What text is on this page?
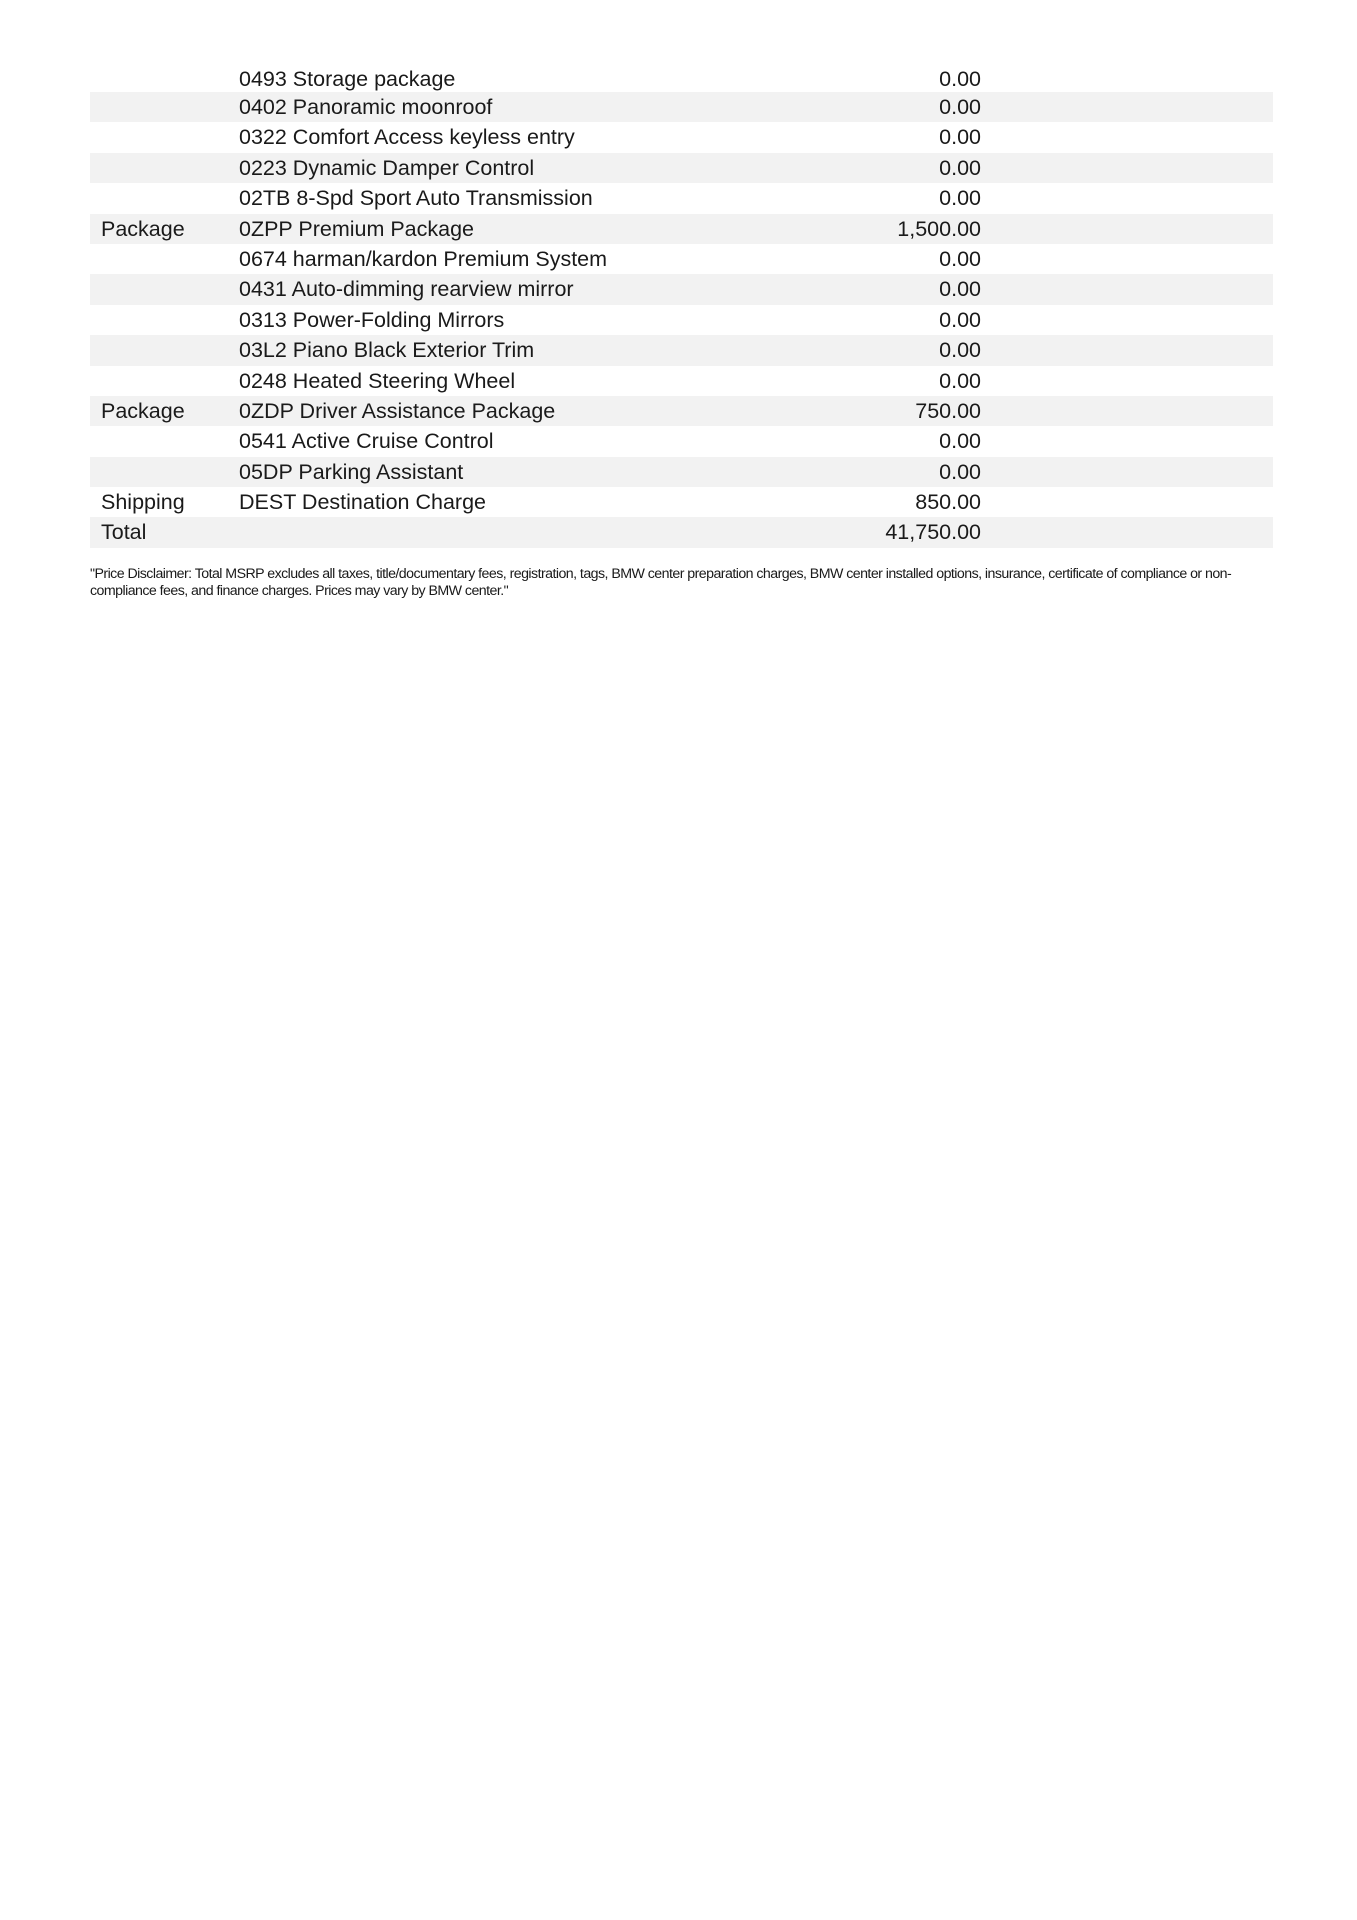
0493 Storage package	0.00
0402 Panoramic moonroof	0.00
0322 Comfort Access keyless entry	0.00
0223 Dynamic Damper Control	0.00
02TB 8-Spd Sport Auto Transmission	0.00
Package	0ZPP Premium Package	1,500.00
0674 harman/kardon Premium System	0.00
0431 Auto-dimming rearview mirror	0.00
0313 Power-Folding Mirrors	0.00
03L2 Piano Black Exterior Trim	0.00
0248 Heated Steering Wheel	0.00
Package	0ZDP Driver Assistance Package	750.00
0541 Active Cruise Control	0.00
05DP Parking Assistant	0.00
Shipping	DEST Destination Charge	850.00
Total	41,750.00
"Price Disclaimer: Total MSRP excludes all taxes, title/documentary fees, registration, tags, BMW center preparation charges, BMW center installed options, insurance, certificate of compliance or non-compliance fees, and finance charges. Prices may vary by BMW center."
